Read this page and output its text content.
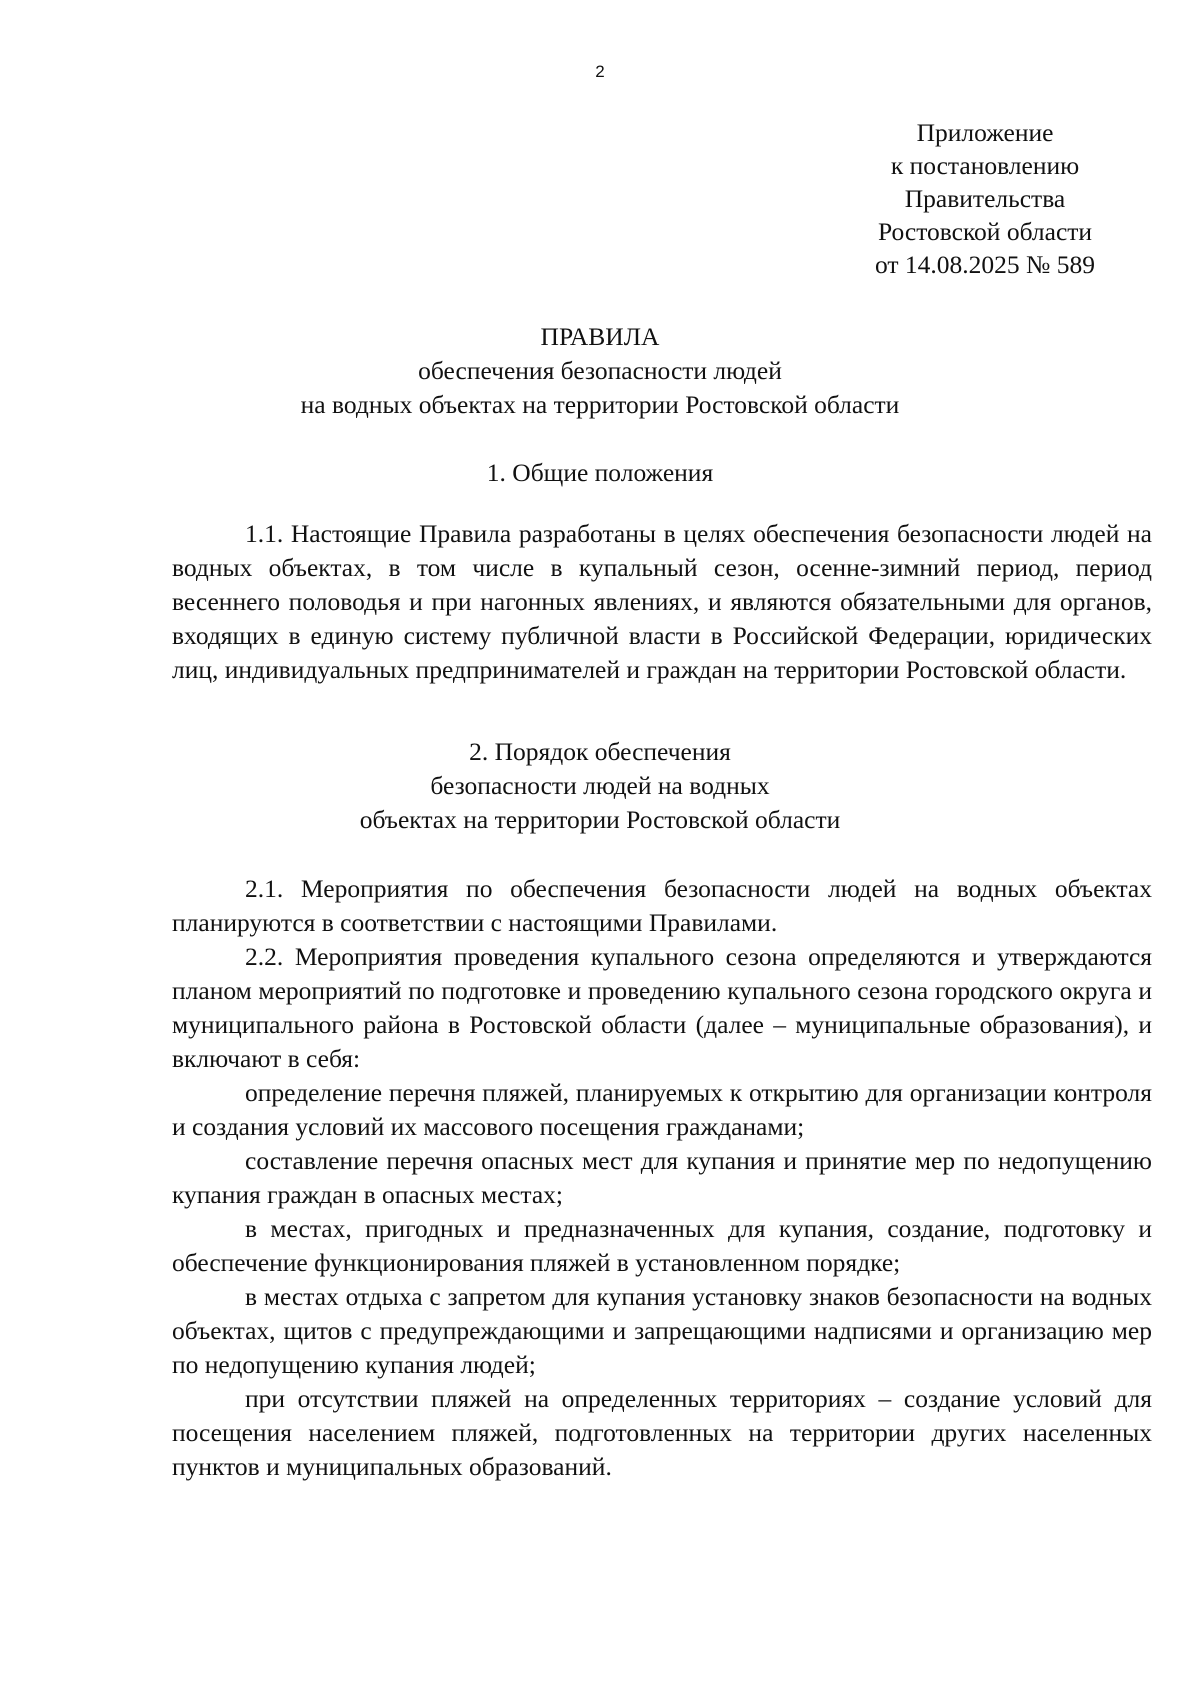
2
Приложение
к постановлению
Правительства
Ростовской области
от 14.08.2025 № 589
ПРАВИЛА
обеспечения безопасности людей
на водных объектах на территории Ростовской области
1. Общие положения

1.1. Настоящие Правила разработаны в целях обеспечения безопасности людей на водных объектах, в том числе в купальный сезон, осенне-зимний период, период весеннего половодья и при нагонных явлениях, и являются обязательными для органов, входящих в единую систему публичной власти в Российской Федерации, юридических лиц, индивидуальных предпринимателей и граждан на территории Ростовской области.

2. Порядок обеспечения
безопасности людей на водных
объектах на территории Ростовской области

2.1. Мероприятия по обеспечения безопасности людей на водных объектах планируются в соответствии с настоящими Правилами.

2.2. Мероприятия проведения купального сезона определяются и утверждаются планом мероприятий по подготовке и проведению купального сезона городского округа и муниципального района в Ростовской области (далее – муниципальные образования), и включают в себя:

определение перечня пляжей, планируемых к открытию для организации контроля и создания условий их массового посещения гражданами;

составление перечня опасных мест для купания и принятие мер по недопущению купания граждан в опасных местах;

в местах, пригодных и предназначенных для купания, создание, подготовку и обеспечение функционирования пляжей в установленном порядке;

в местах отдыха с запретом для купания установку знаков безопасности на водных объектах, щитов с предупреждающими и запрещающими надписями и организацию мер по недопущению купания людей;

при отсутствии пляжей на определенных территориях – создание условий для посещения населением пляжей, подготовленных на территории других населенных пунктов и муниципальных образований.
